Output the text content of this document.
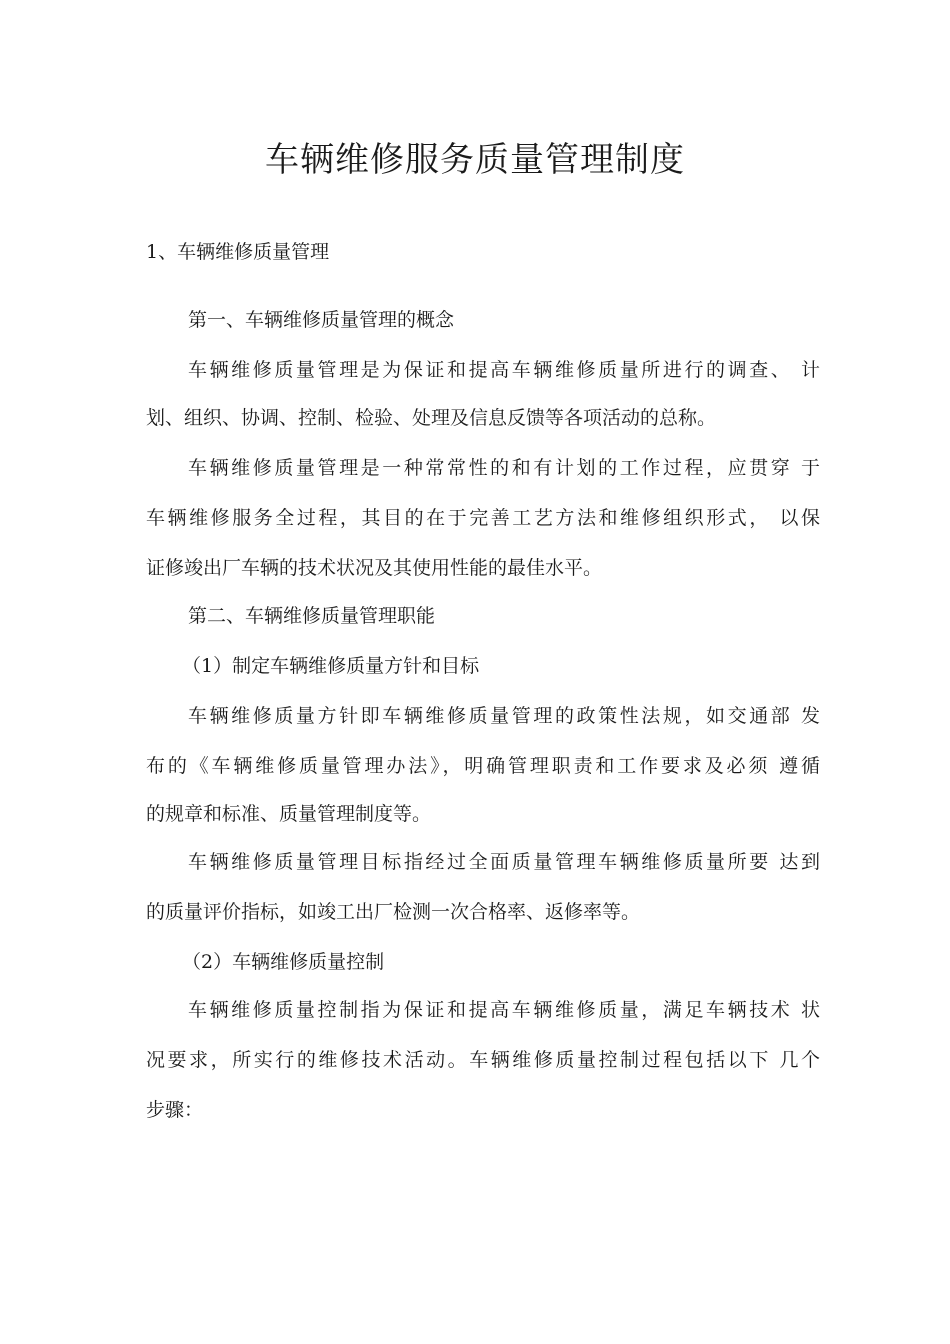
车辆维修服务质量管理制度
1、车辆维修质量管理
第一、车辆维修质量管理的概念
车辆维修质量管理是为保证和提高车辆维修质量所进行的调查、 计
划、组织、协调、控制、检验、处理及信息反馈等各项活动的总称。
车辆维修质量管理是一种常常性的和有计划的工作过程，应贯穿 于
车辆维修服务全过程，其目的在于完善工艺方法和维修组织形式， 以保
证修竣出厂车辆的技术状况及其使用性能的最佳水平。
第二、车辆维修质量管理职能
（1）制定车辆维修质量方针和目标
车辆维修质量方针即车辆维修质量管理的政策性法规，如交通部 发
布的《车辆维修质量管理办法》，明确管理职责和工作要求及必须 遵循
的规章和标准、质量管理制度等。
车辆维修质量管理目标指经过全面质量管理车辆维修质量所要 达到
的质量评价指标，如竣工出厂检测一次合格率、返修率等。
（2）车辆维修质量控制
车辆维修质量控制指为保证和提高车辆维修质量，满足车辆技术 状
况要求，所实行的维修技术活动。车辆维修质量控制过程包括以下 几个
步骤：
